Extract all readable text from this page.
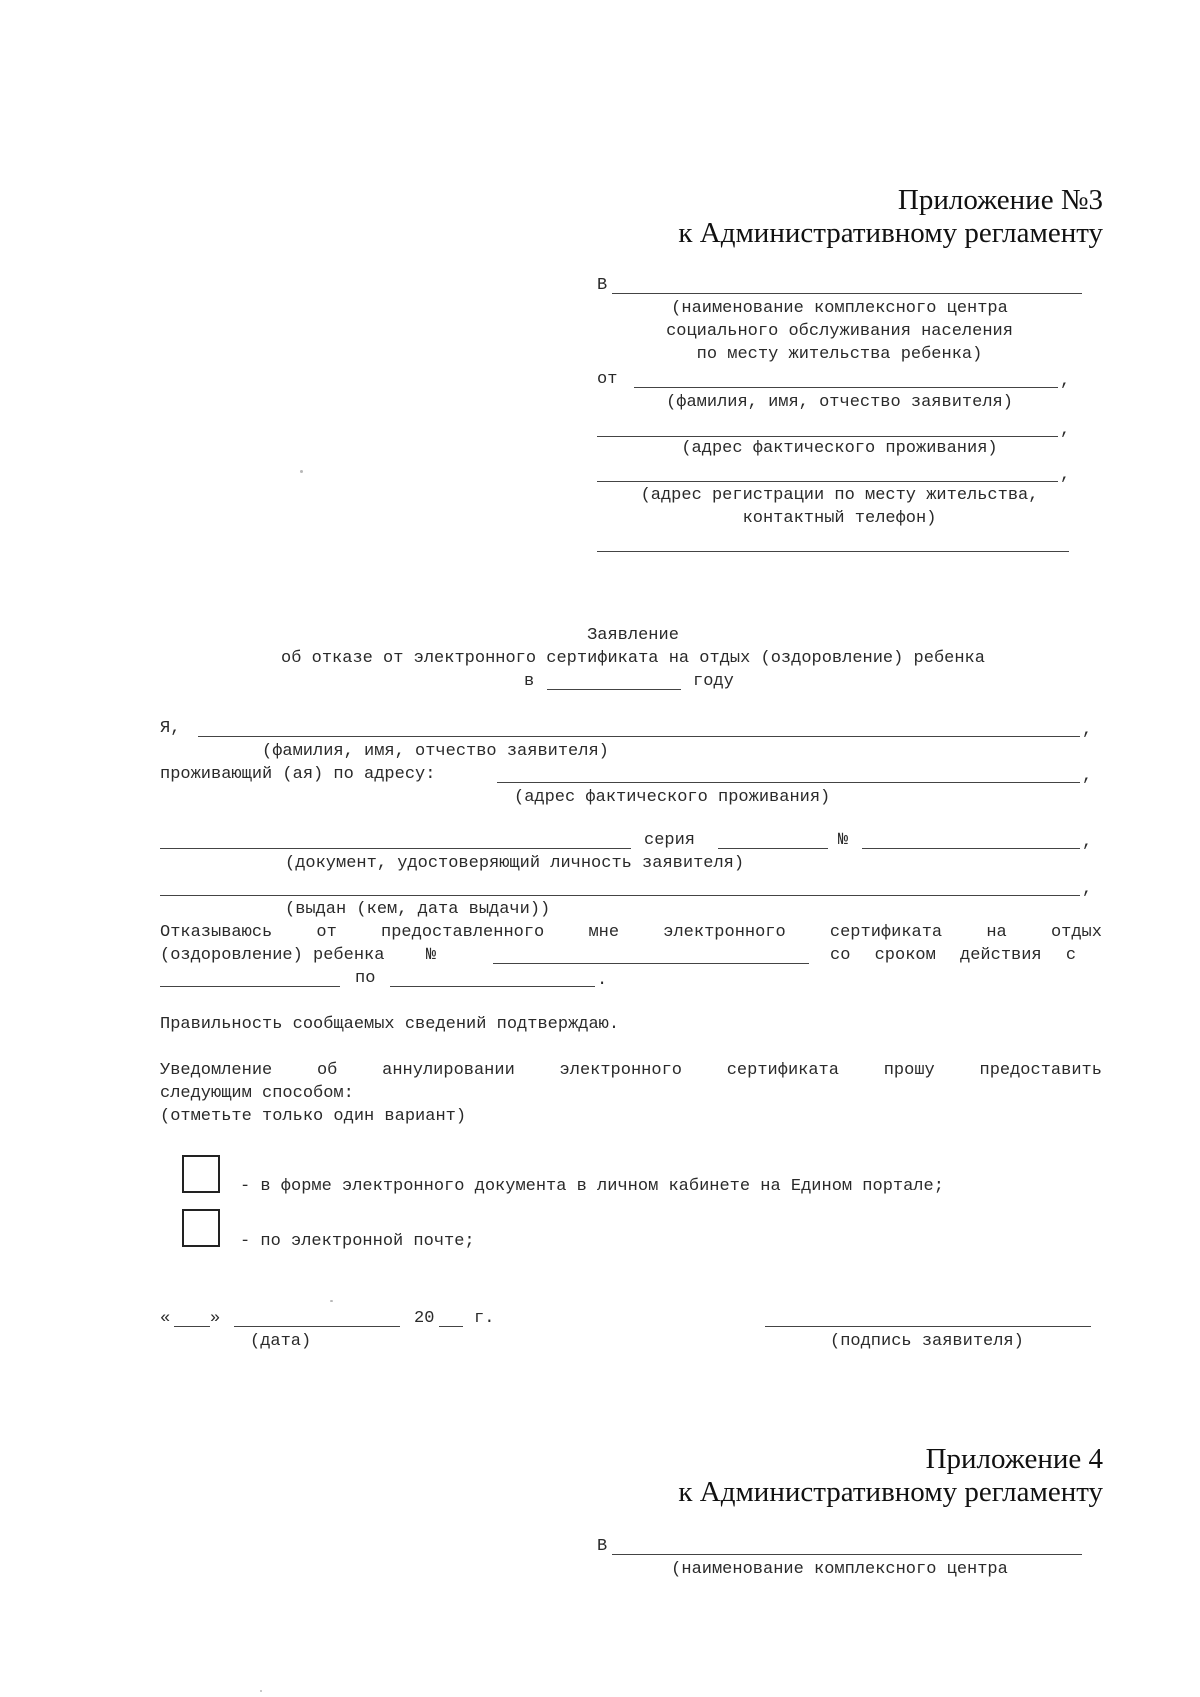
Приложение №3
к Административному регламенту
В
(наименование комплексного центра
социального обслуживания населения
по месту жительства ребенка)
от	,
(фамилия, имя, отчество заявителя)
,
(адрес фактического проживания)
,
(адрес регистрации по месту жительства,
контактный телефон)
Заявление
об отказе от электронного сертификата на отдых (оздоровление) ребенка
в	году
Я,	,
(фамилия, имя, отчество заявителя)
проживающий (ая) по адресу:	,
(адрес фактического проживания)
серия	№	,
(документ, удостоверяющий личность заявителя)
,
(выдан (кем, дата выдачи))
Отказываюсь	от	предоставленного	мне	электронного	сертификата	на	отдых
(оздоровление) ребенка №	со сроком действия с
по	.
Правильность сообщаемых сведений подтверждаю.
Уведомление	об	аннулировании	электронного	сертификата	прошу	предоставить
следующим способом:
(отметьте только один вариант)
- в форме электронного документа в личном кабинете на Едином портале;
- по электронной почте;
« »	20 г.
(дата)	(подпись заявителя)
Приложение 4
к Административному регламенту
В
(наименование комплексного центра
